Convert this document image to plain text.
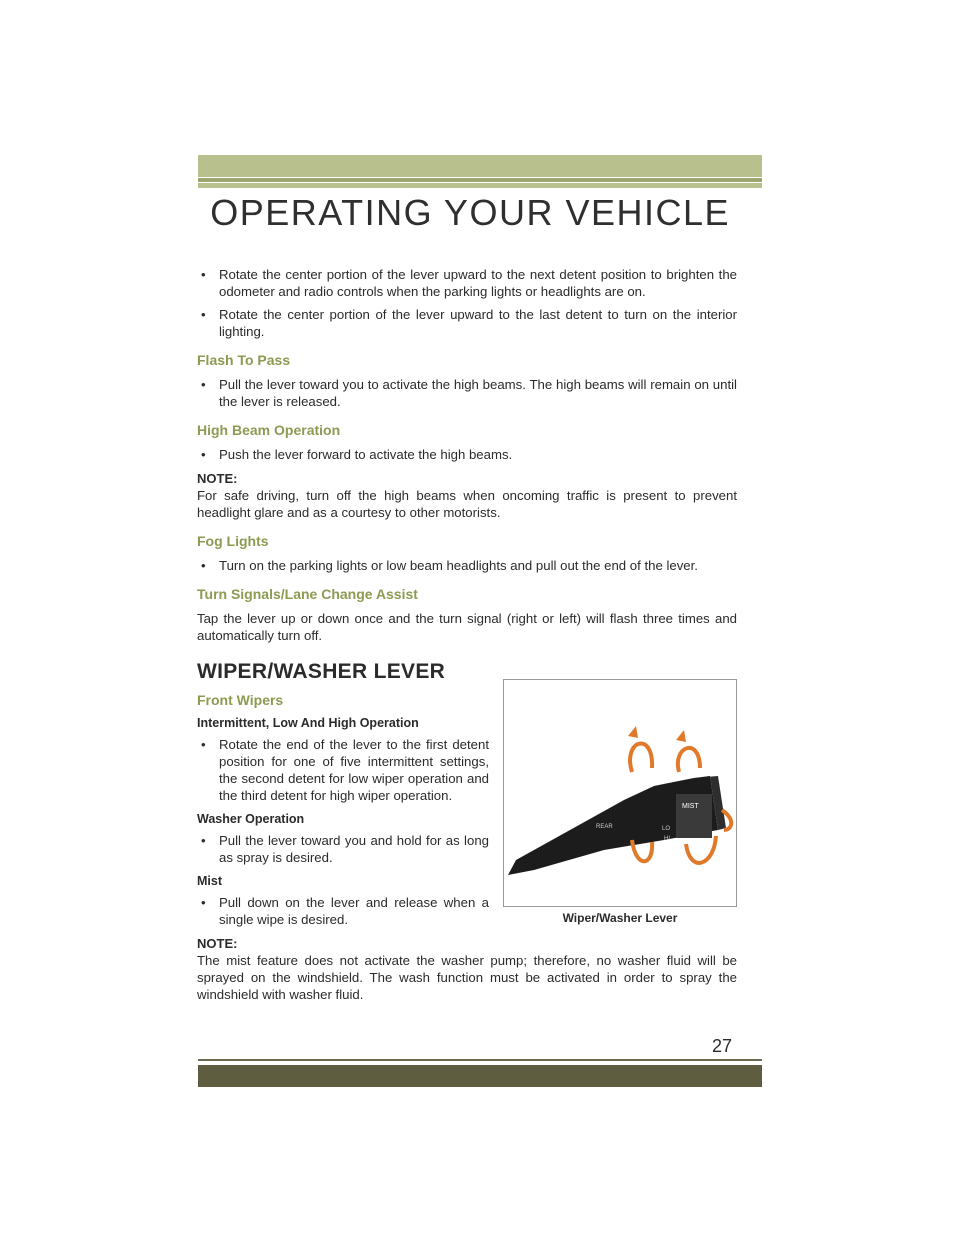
OPERATING YOUR VEHICLE
• Rotate the center portion of the lever upward to the next detent position to brighten the odometer and radio controls when the parking lights or headlights are on.
• Rotate the center portion of the lever upward to the last detent to turn on the interior lighting.
Flash To Pass
• Pull the lever toward you to activate the high beams. The high beams will remain on until the lever is released.
High Beam Operation
• Push the lever forward to activate the high beams.
NOTE:
For safe driving, turn off the high beams when oncoming traffic is present to prevent headlight glare and as a courtesy to other motorists.
Fog Lights
• Turn on the parking lights or low beam headlights and pull out the end of the lever.
Turn Signals/Lane Change Assist
Tap the lever up or down once and the turn signal (right or left) will flash three times and automatically turn off.
WIPER/WASHER LEVER
Front Wipers
Intermittent, Low And High Operation
• Rotate the end of the lever to the first detent position for one of five intermittent settings, the second detent for low wiper operation and the third detent for high wiper operation.
Washer Operation
• Pull the lever toward you and hold for as long as spray is desired.
Mist
• Pull down on the lever and release when a single wipe is desired.
NOTE:
The mist feature does not activate the washer pump; therefore, no washer fluid will be sprayed on the windshield. The wash function must be activated in order to spray the windshield with washer fluid.
MIST
REAR	LO
HI
Wiper/Washer Lever
27
